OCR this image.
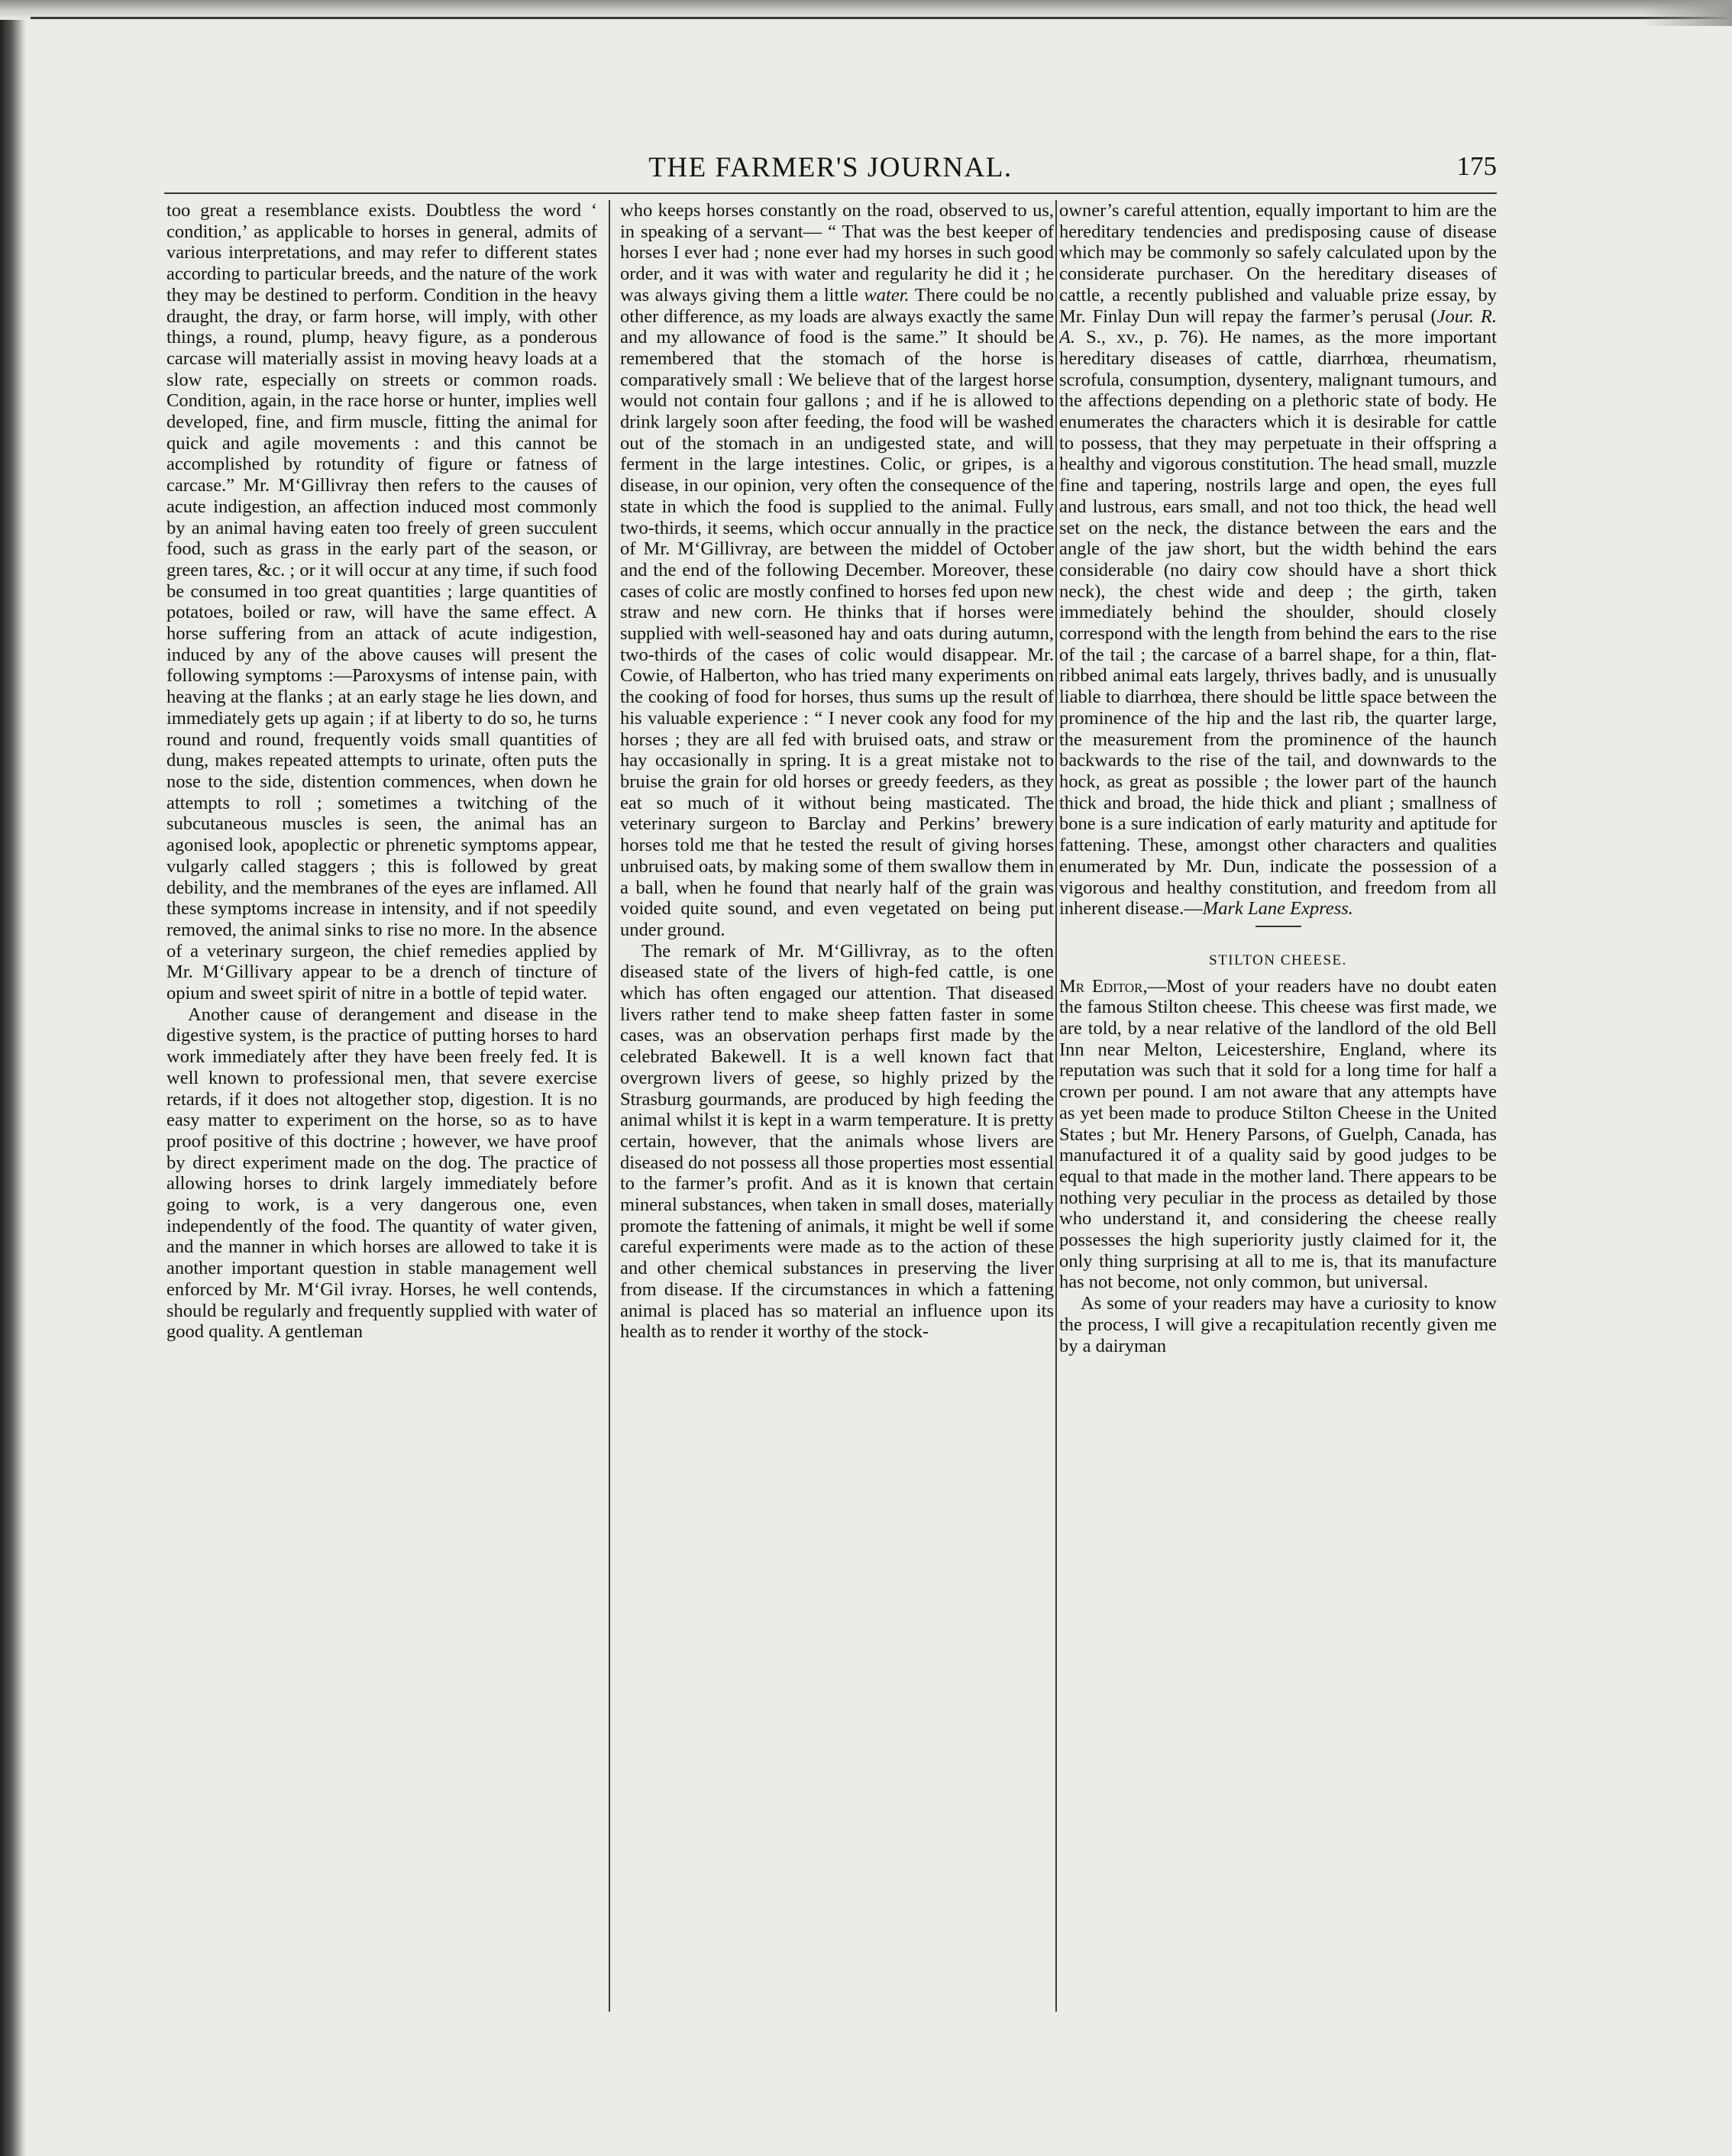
THE FARMER'S JOURNAL.	175

too great a resemblance exists. Doubtless the word ‘ condition,’ as applicable to horses in general, admits of various interpretations, and may refer to different states according to particular breeds, and the nature of the work they may be destined to perform. Condition in the heavy draught, the dray, or farm horse, will imply, with other things, a round, plump, heavy figure, as a ponderous carcase will materially assist in moving heavy loads at a slow rate, especially on streets or common roads. Condition, again, in the race horse or hunter, implies well developed, fine, and firm muscle, fitting the animal for quick and agile movements : and this cannot be accomplished by rotundity of figure or fatness of carcase.” Mr. M‘Gillivray then refers to the causes of acute indigestion, an affection induced most commonly by an animal having eaten too freely of green succulent food, such as grass in the early part of the season, or green tares, &c. ; or it will occur at any time, if such food be consumed in too great quantities ; large quantities of potatoes, boiled or raw, will have the same effect. A horse suffering from an attack of acute indigestion, induced by any of the above causes will present the following symptoms :—Paroxysms of intense pain, with heaving at the flanks ; at an early stage he lies down, and immediately gets up again ; if at liberty to do so, he turns round and round, frequently voids small quantities of dung, makes repeated attempts to urinate, often puts the nose to the side, distention commences, when down he attempts to roll ; sometimes a twitching of the subcutaneous muscles is seen, the animal has an agonised look, apoplectic or phrenetic symptoms appear, vulgarly called staggers ; this is followed by great debility, and the membranes of the eyes are inflamed. All these symptoms increase in intensity, and if not speedily removed, the animal sinks to rise no more. In the absence of a veterinary surgeon, the chief remedies applied by Mr. M‘Gillivary appear to be a drench of tincture of opium and sweet spirit of nitre in a bottle of tepid water.

Another cause of derangement and disease in the digestive system, is the practice of putting horses to hard work immediately after they have been freely fed. It is well known to professional men, that severe exercise retards, if it does not altogether stop, digestion. It is no easy matter to experiment on the horse, so as to have proof positive of this doctrine ; however, we have proof by direct experiment made on the dog. The practice of allowing horses to drink largely immediately before going to work, is a very dangerous one, even independently of the food. The quantity of water given, and the manner in which horses are allowed to take it is another important question in stable management well enforced by Mr. M‘Gil ivray. Horses, he well contends, should be regularly and frequently supplied with water of good quality. A gentleman

who keeps horses constantly on the road, observed to us, in speaking of a servant— “ That was the best keeper of horses I ever had ; none ever had my horses in such good order, and it was with water and regularity he did it ; he was always giving them a little water. There could be no other difference, as my loads are always exactly the same and my allowance of food is the same.” It should be remembered that the stomach of the horse is comparatively small : We believe that of the largest horse would not contain four gallons ; and if he is allowed to drink largely soon after feeding, the food will be washed out of the stomach in an undigested state, and will ferment in the large intestines. Colic, or gripes, is a disease, in our opinion, very often the consequence of the state in which the food is supplied to the animal. Fully two-thirds, it seems, which occur annually in the practice of Mr. M‘Gillivray, are between the middel of October and the end of the following December. Moreover, these cases of colic are mostly confined to horses fed upon new straw and new corn. He thinks that if horses were supplied with well-seasoned hay and oats during autumn, two-thirds of the cases of colic would disappear. Mr. Cowie, of Halberton, who has tried many experiments on the cooking of food for horses, thus sums up the result of his valuable experience : “ I never cook any food for my horses ; they are all fed with bruised oats, and straw or hay occasionally in spring. It is a great mistake not to bruise the grain for old horses or greedy feeders, as they eat so much of it without being masticated. The veterinary surgeon to Barclay and Perkins’ brewery horses told me that he tested the result of giving horses unbruised oats, by making some of them swallow them in a ball, when he found that nearly half of the grain was voided quite sound, and even vegetated on being put under ground.

The remark of Mr. M‘Gillivray, as to the often diseased state of the livers of high-fed cattle, is one which has often engaged our attention. That diseased livers rather tend to make sheep fatten faster in some cases, was an observation perhaps first made by the celebrated Bakewell. It is a well known fact that overgrown livers of geese, so highly prized by the Strasburg gourmands, are produced by high feeding the animal whilst it is kept in a warm temperature. It is pretty certain, however, that the animals whose livers are diseased do not possess all those properties most essential to the farmer’s profit. And as it is known that certain mineral substances, when taken in small doses, materially promote the fattening of animals, it might be well if some careful experiments were made as to the action of these and other chemical substances in preserving the liver from disease. If the circumstances in which a fattening animal is placed has so material an influence upon its health as to render it worthy of the stock-

owner’s careful attention, equally important to him are the hereditary tendencies and predisposing cause of disease which may be commonly so safely calculated upon by the considerate purchaser. On the hereditary diseases of cattle, a recently published and valuable prize essay, by Mr. Finlay Dun will repay the farmer’s perusal (Jour. R. A. S., xv., p. 76). He names, as the more important hereditary diseases of cattle, diarrhœa, rheumatism, scrofula, consumption, dysentery, malignant tumours, and the affections depending on a plethoric state of body. He enumerates the characters which it is desirable for cattle to possess, that they may perpetuate in their offspring a healthy and vigorous constitution. The head small, muzzle fine and tapering, nostrils large and open, the eyes full and lustrous, ears small, and not too thick, the head well set on the neck, the distance between the ears and the angle of the jaw short, but the width behind the ears considerable (no dairy cow should have a short thick neck), the chest wide and deep ; the girth, taken immediately behind the shoulder, should closely correspond with the length from behind the ears to the rise of the tail ; the carcase of a barrel shape, for a thin, flat-ribbed animal eats largely, thrives badly, and is unusually liable to diarrhœa, there should be little space between the prominence of the hip and the last rib, the quarter large, the measurement from the prominence of the haunch backwards to the rise of the tail, and downwards to the hock, as great as possible ; the lower part of the haunch thick and broad, the hide thick and pliant ; smallness of bone is a sure indication of early maturity and aptitude for fattening. These, amongst other characters and qualities enumerated by Mr. Dun, indicate the possession of a vigorous and healthy constitution, and freedom from all inherent disease.—Mark Lane Express.

STILTON CHEESE.

Mr Editor,—Most of your readers have no doubt eaten the famous Stilton cheese. This cheese was first made, we are told, by a near relative of the landlord of the old Bell Inn near Melton, Leicestershire, England, where its reputation was such that it sold for a long time for half a crown per pound. I am not aware that any attempts have as yet been made to produce Stilton Cheese in the United States ; but Mr. Henery Parsons, of Guelph, Canada, has manufactured it of a quality said by good judges to be equal to that made in the mother land. There appears to be nothing very peculiar in the process as detailed by those who understand it, and considering the cheese really possesses the high superiority justly claimed for it, the only thing surprising at all to me is, that its manufacture has not become, not only common, but universal.

As some of your readers may have a curiosity to know the process, I will give a recapitulation recently given me by a dairyman
